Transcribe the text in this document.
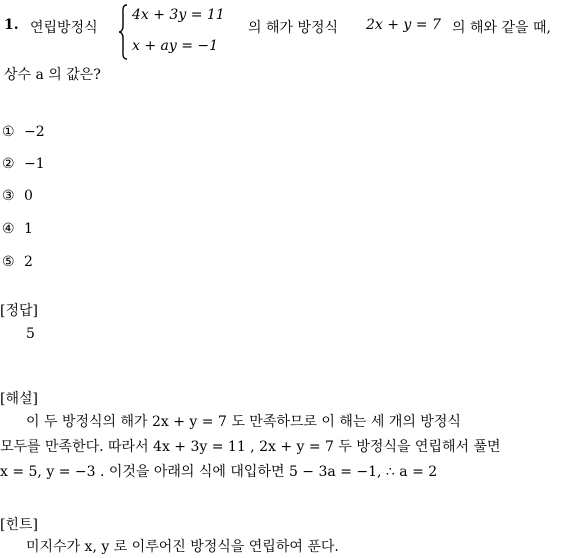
1. 연립방정식
4x + 3y = 11
x + ay = −1
의 해가 방정식 2x + y = 7 의 해와 같을 때,
상수 a 의 값은?
① −2
② −1
③ 0
④ 1
⑤ 2
[정답]
5
[해설]
이 두 방정식의 해가 2x + y = 7 도 만족하므로 이 해는 세 개의 방정식
모두를 만족한다. 따라서 4x + 3y = 11 , 2x + y = 7 두 방정식을 연립해서 풀면
x = 5, y = −3 . 이것을 아래의 식에 대입하면 5 − 3a = −1, ∴ a = 2
[힌트]
미지수가 x, y 로 이루어진 방정식을 연립하여 푼다.
